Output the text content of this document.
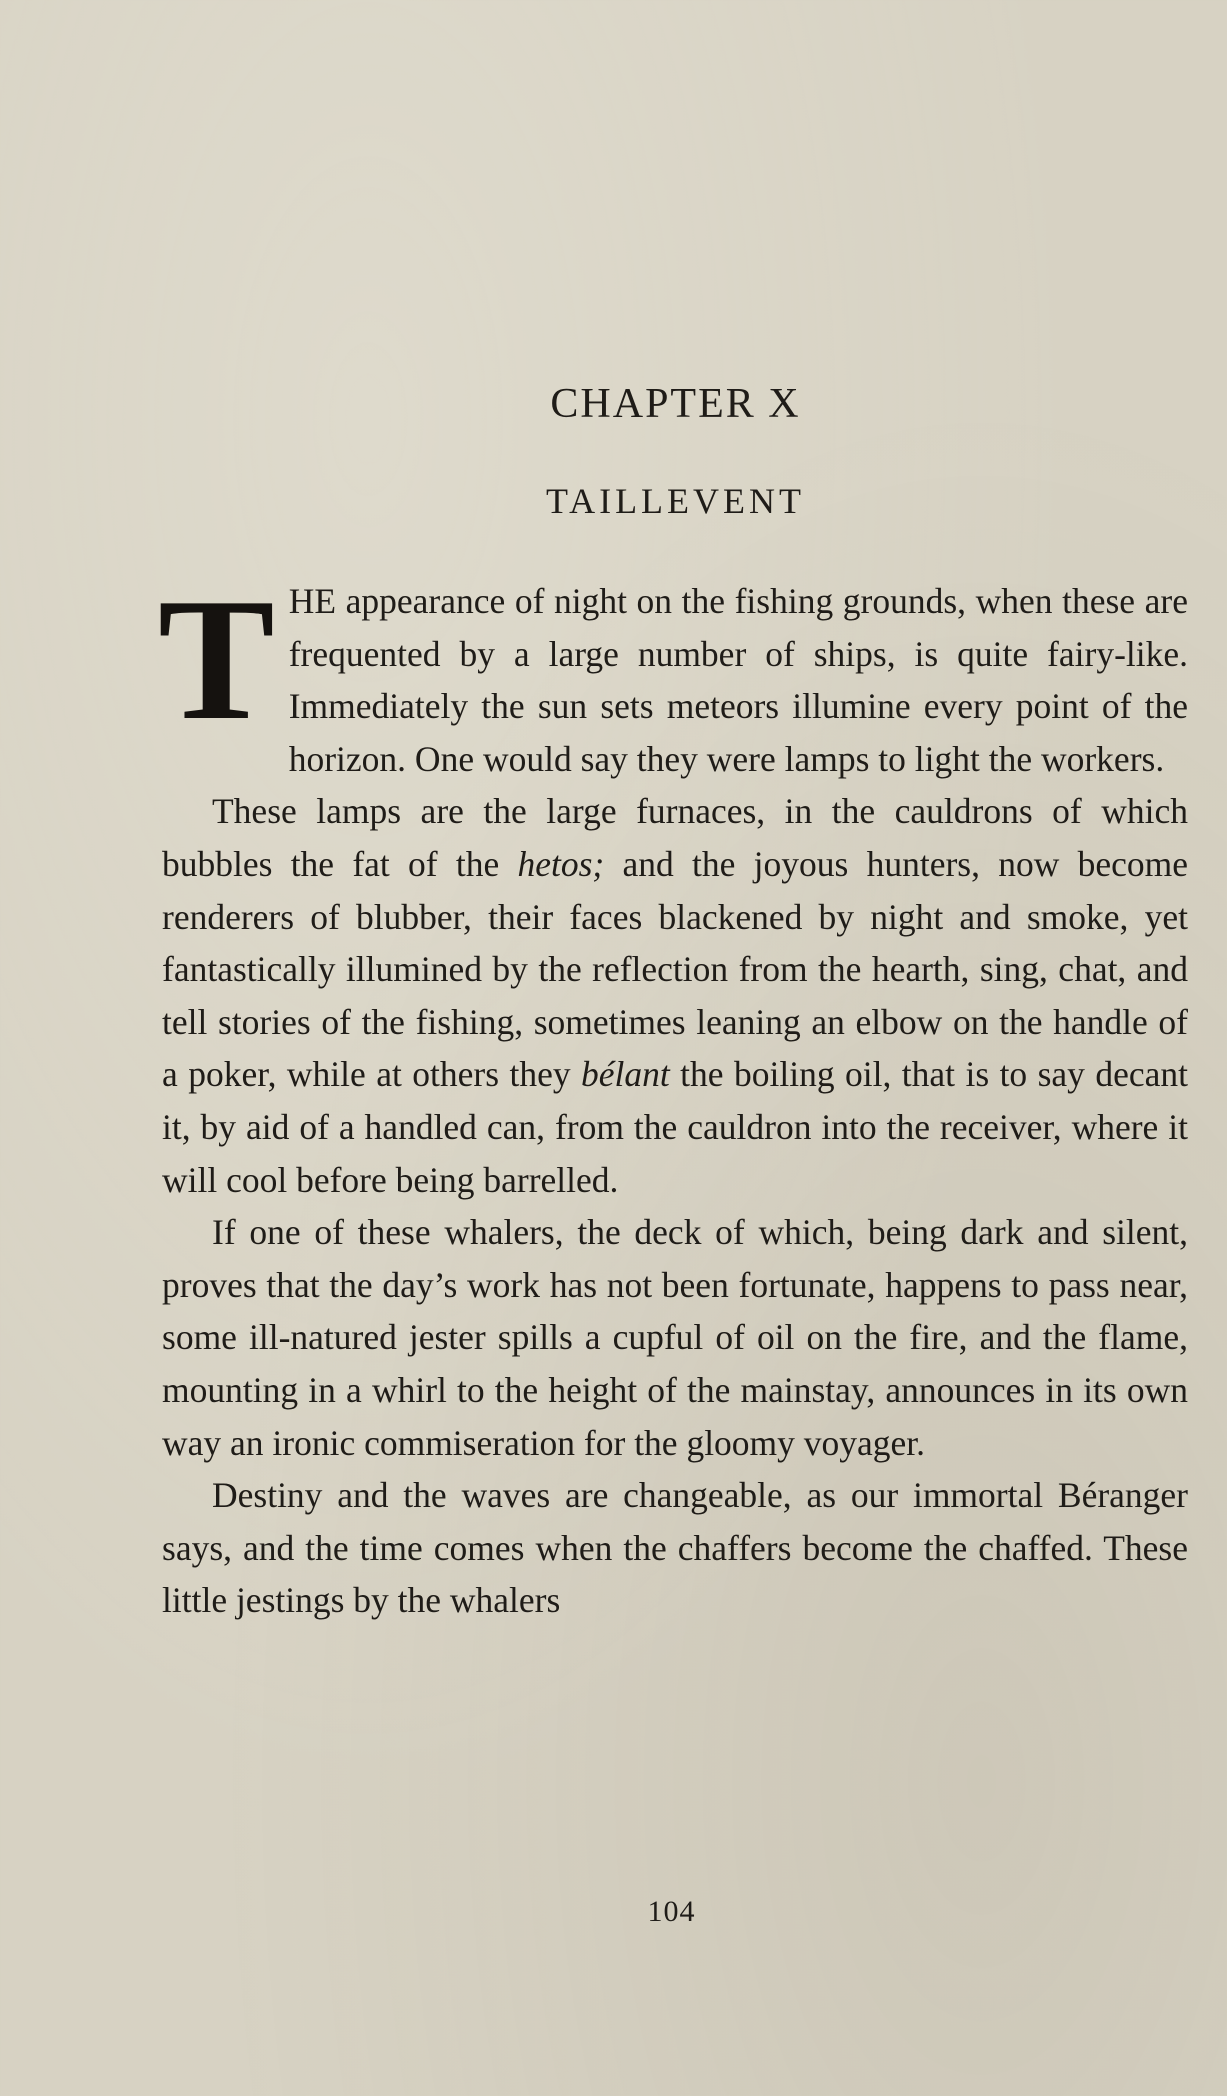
CHAPTER X
TAILLEVENT

THE appearance of night on the fishing grounds, when these are frequented by a large number of ships, is quite fairy-like. Immediately the sun sets meteors illumine every point of the horizon. One would say they were lamps to light the workers.

These lamps are the large furnaces, in the cauldrons of which bubbles the fat of the hetos; and the joyous hunters, now become renderers of blubber, their faces blackened by night and smoke, yet fantastically illumined by the reflection from the hearth, sing, chat, and tell stories of the fishing, sometimes leaning an elbow on the handle of a poker, while at others they bélant the boiling oil, that is to say decant it, by aid of a handled can, from the cauldron into the receiver, where it will cool before being barrelled.

If one of these whalers, the deck of which, being dark and silent, proves that the day’s work has not been fortunate, happens to pass near, some ill-natured jester spills a cupful of oil on the fire, and the flame, mounting in a whirl to the height of the mainstay, announces in its own way an ironic commiseration for the gloomy voyager.

Destiny and the waves are changeable, as our immortal Béranger says, and the time comes when the chaffers become the chaffed. These little jestings by the whalers

104
